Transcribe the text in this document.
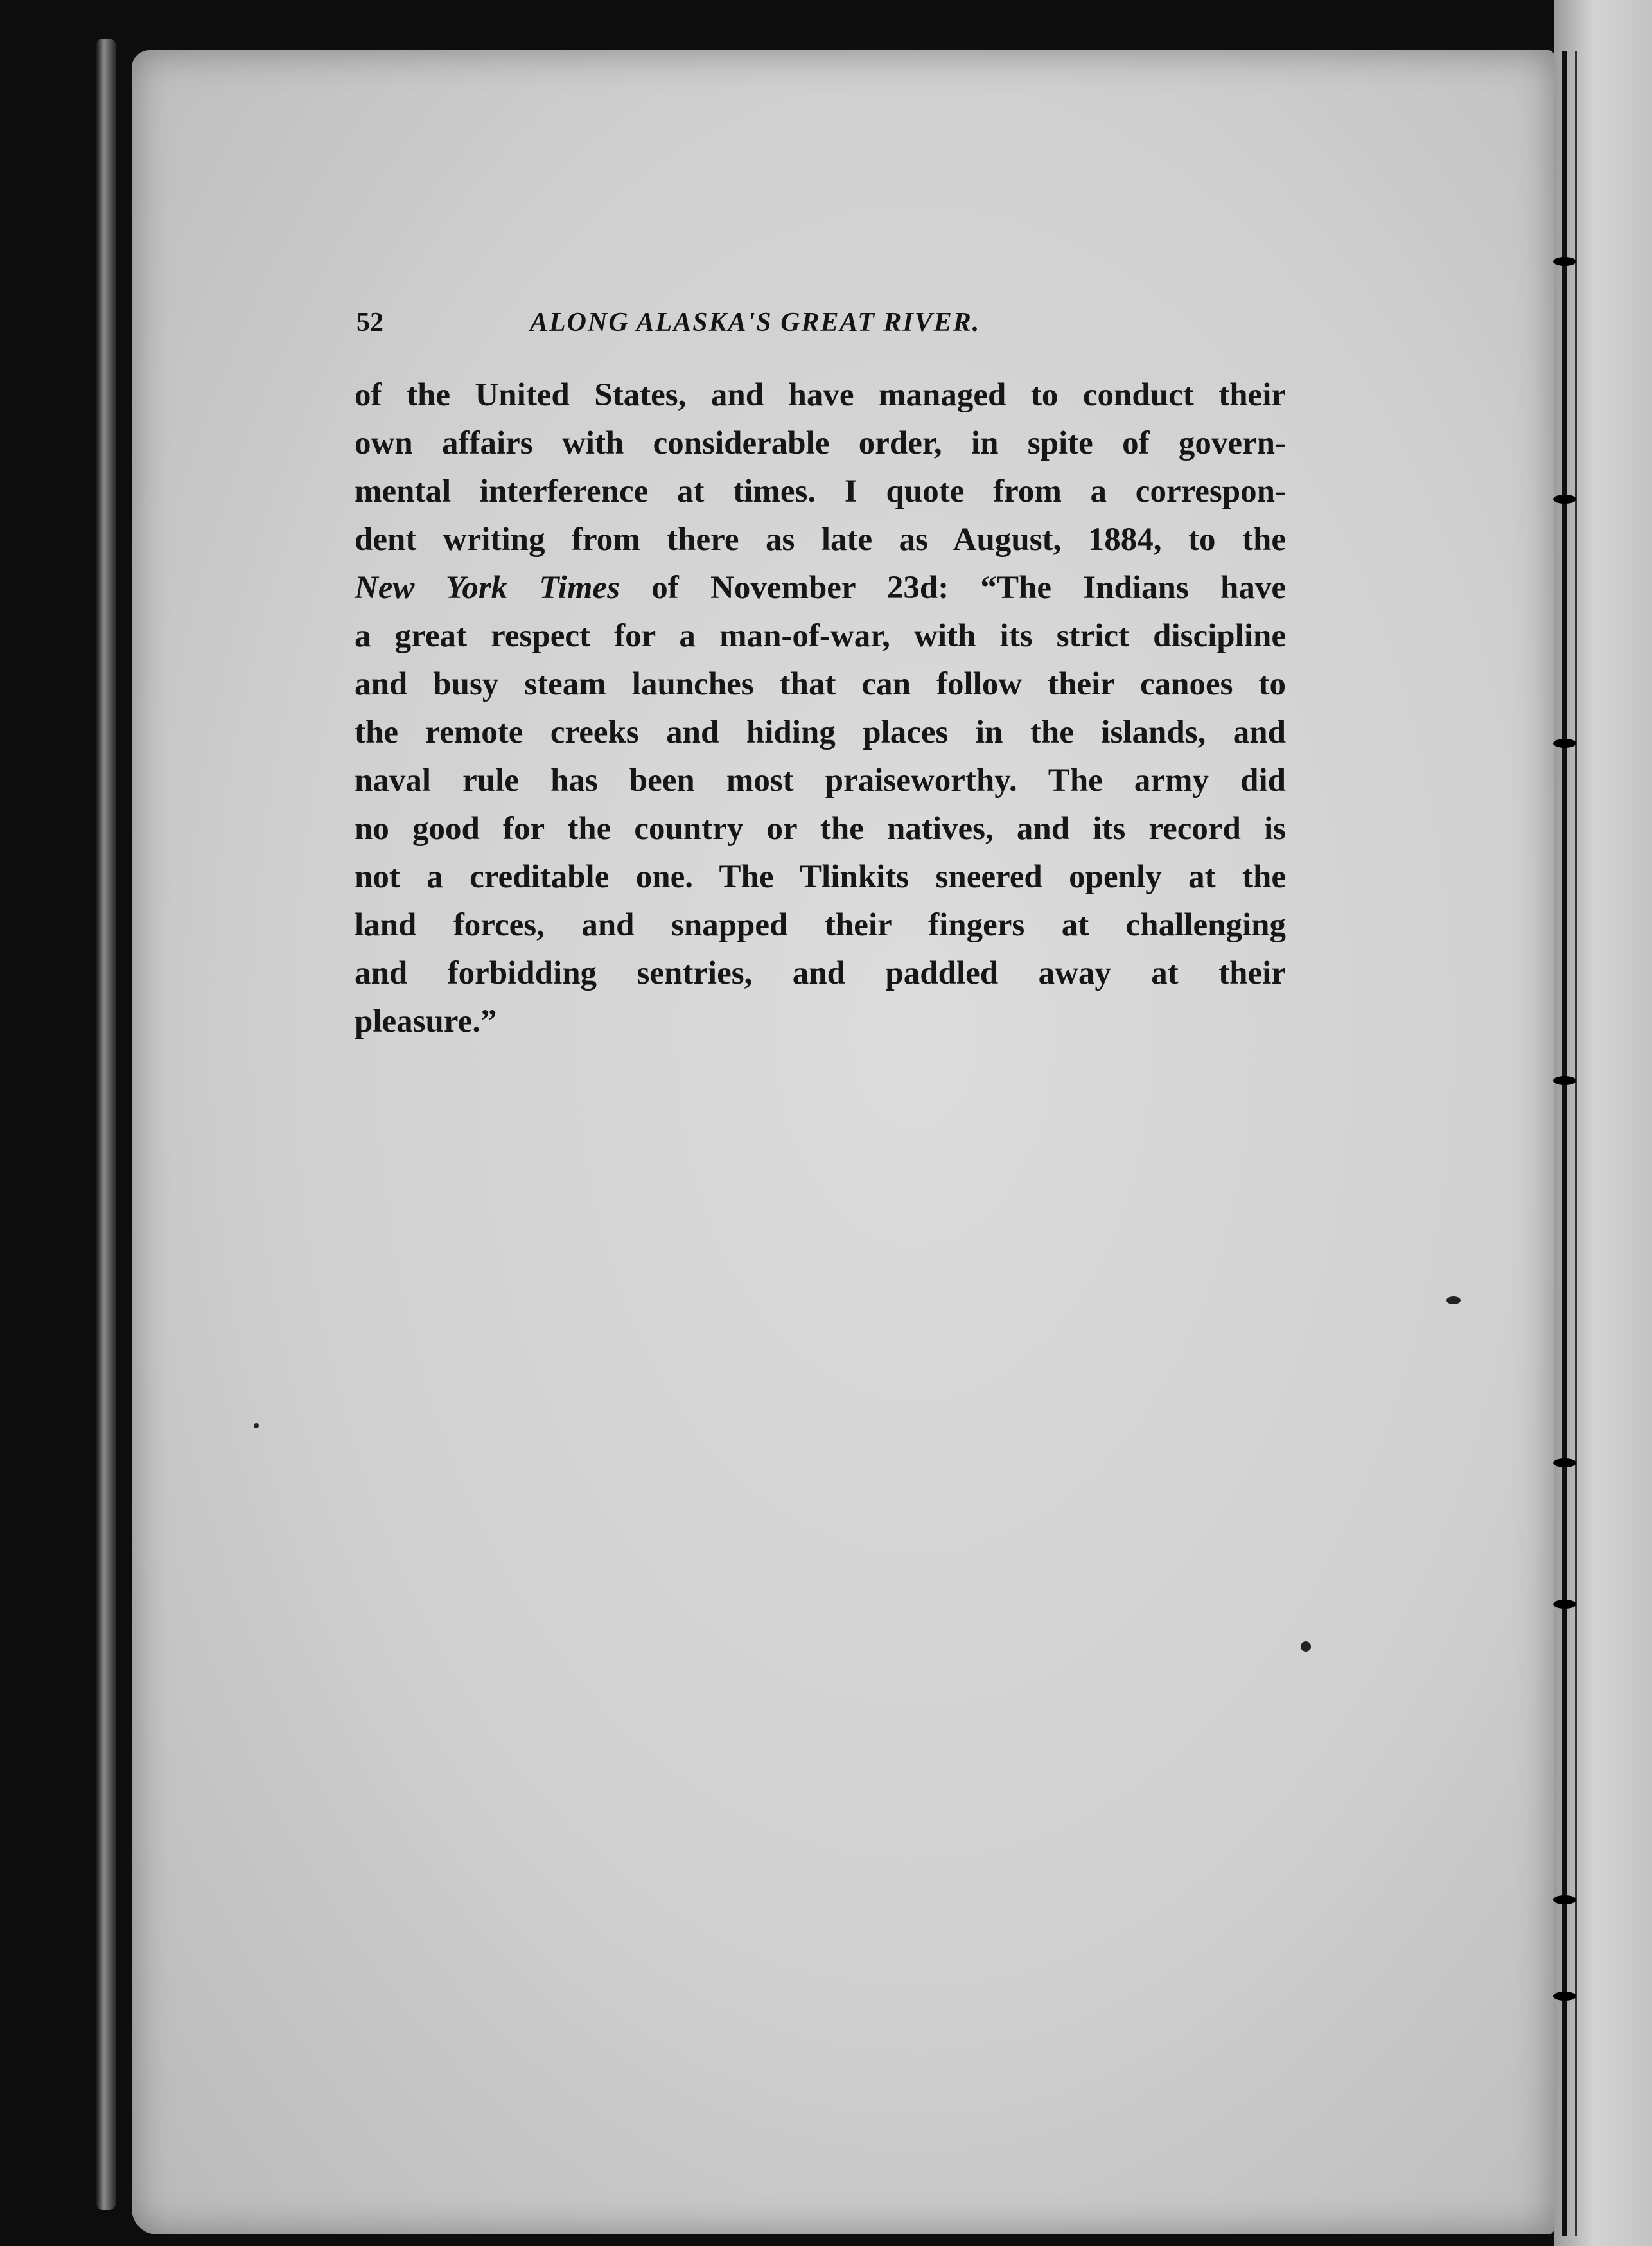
52	ALONG ALASKA'S GREAT RIVER.
of the United States, and have managed to conduct their
own affairs with considerable order, in spite of govern-
mental interference at times. I quote from a correspon-
dent writing from there as late as August, 1884, to the
New York Times of November 23d: “The Indians have
a great respect for a man-of-war, with its strict discipline
and busy steam launches that can follow their canoes to
the remote creeks and hiding places in the islands, and
naval rule has been most praiseworthy. The army did
no good for the country or the natives, and its record is
not a creditable one. The Tlinkits sneered openly at the
land forces, and snapped their fingers at challenging
and forbidding sentries, and paddled away at their
pleasure.”
